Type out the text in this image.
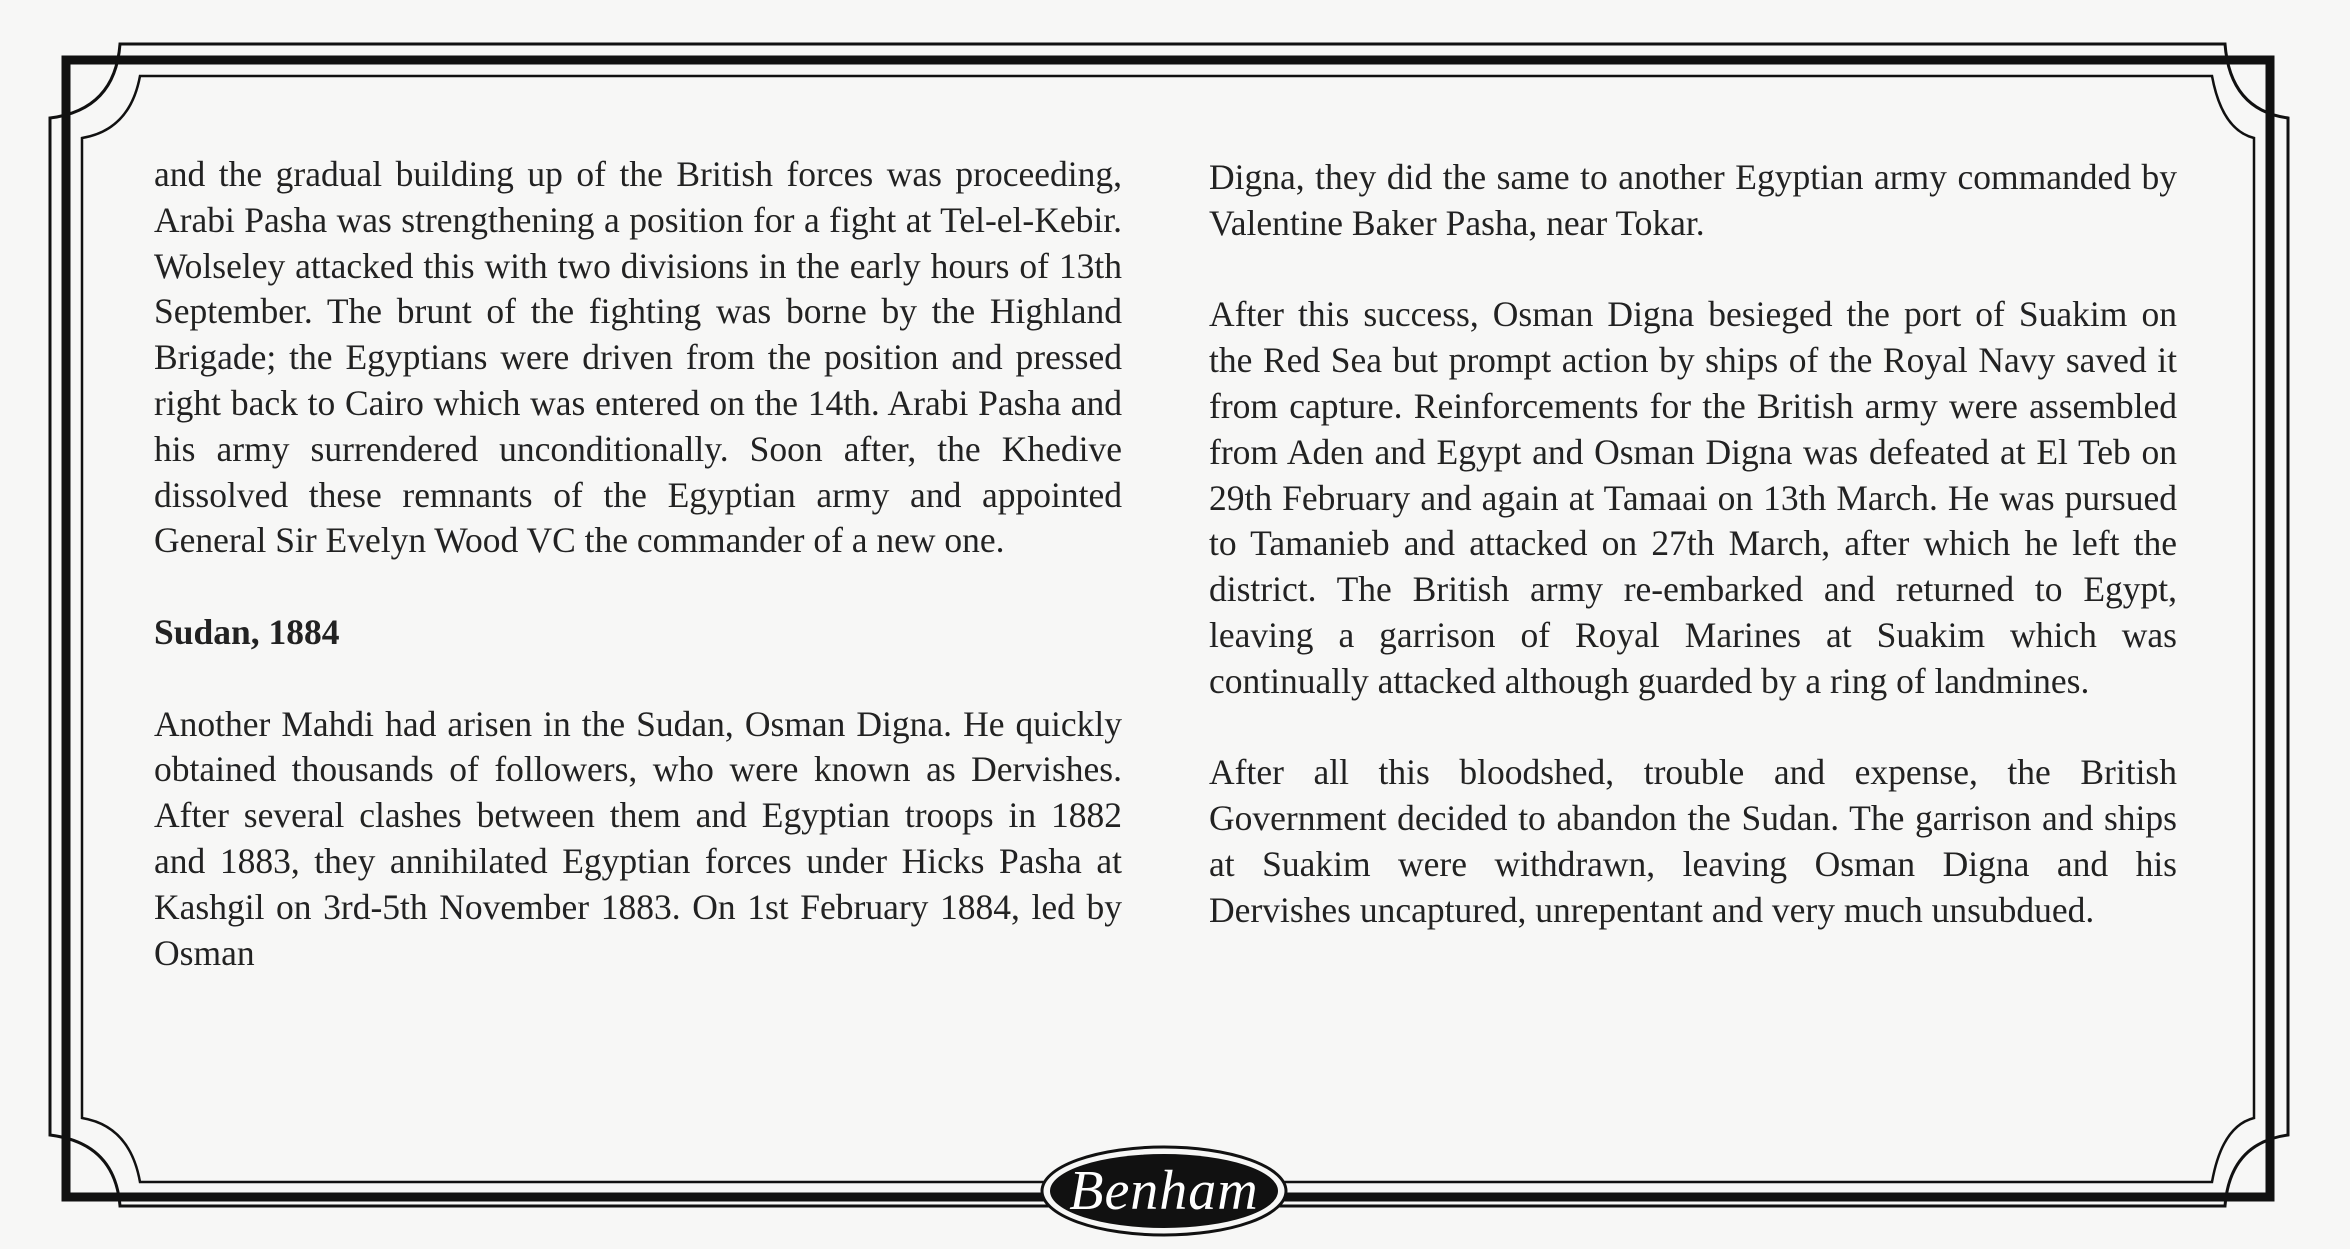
and the gradual building up of the British forces was proceeding, Arabi Pasha was strengthening a position for a fight at Tel-el-Kebir. Wolseley attacked this with two divisions in the early hours of 13th September. The brunt of the fighting was borne by the Highland Brigade; the Egyptians were driven from the position and pressed right back to Cairo which was entered on the 14th. Arabi Pasha and his army surrendered unconditionally. Soon after, the Khedive dissolved these remnants of the Egyptian army and appointed General Sir Evelyn Wood VC the commander of a new one.

Sudan, 1884

Another Mahdi had arisen in the Sudan, Osman Digna. He quickly obtained thousands of followers, who were known as Dervishes. After several clashes between them and Egyptian troops in 1882 and 1883, they annihilated Egyptian forces under Hicks Pasha at Kashgil on 3rd-5th November 1883. On 1st February 1884, led by Osman

Digna, they did the same to another Egyptian army commanded by Valentine Baker Pasha, near Tokar.

After this success, Osman Digna besieged the port of Suakim on the Red Sea but prompt action by ships of the Royal Navy saved it from capture. Reinforcements for the British army were assembled from Aden and Egypt and Osman Digna was defeated at El Teb on 29th February and again at Tamaai on 13th March. He was pursued to Tamanieb and attacked on 27th March, after which he left the district. The British army re-embarked and returned to Egypt, leaving a garrison of Royal Marines at Suakim which was continually attacked although guarded by a ring of landmines.

After all this bloodshed, trouble and expense, the British Government decided to abandon the Sudan. The garrison and ships at Suakim were withdrawn, leaving Osman Digna and his Dervishes uncaptured, unrepentant and very much unsubdued.

Benham
